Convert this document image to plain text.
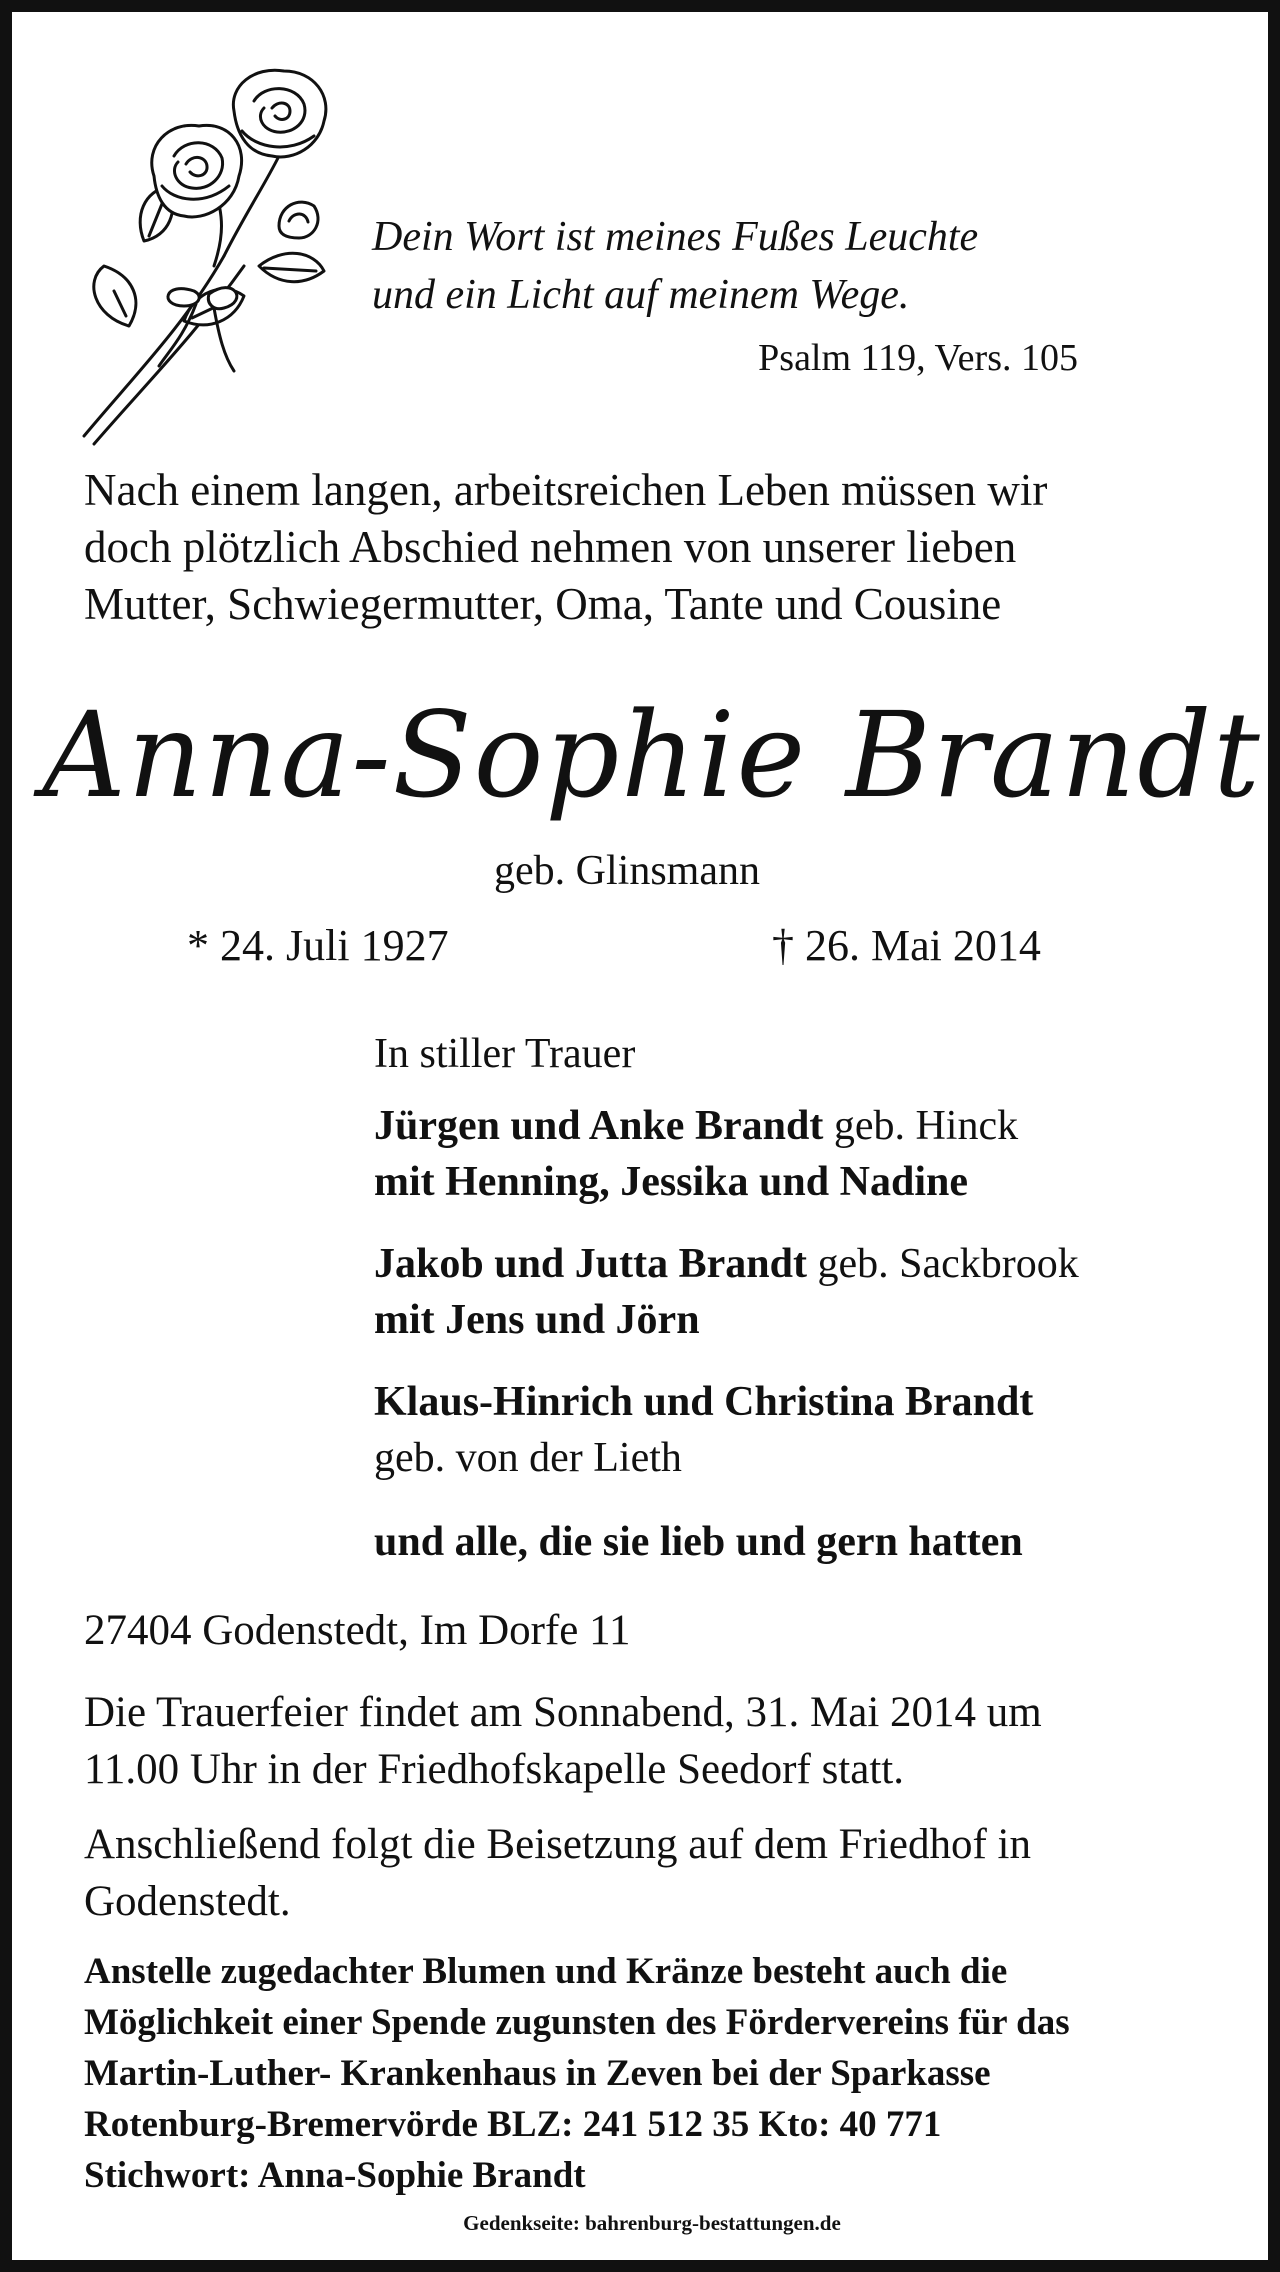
Dein Wort ist meines Fußes Leuchte

und ein Licht auf meinem Wege.

Psalm 119, Vers. 105

Nach einem langen, arbeitsreichen Leben müssen wir

doch plötzlich Abschied nehmen von unserer lieben

Mutter, Schwiegermutter, Oma, Tante und Cousine

Anna-Sophie Brandt

geb. Glinsmann

* 24. Juli 1927	† 26. Mai 2014

In stiller Trauer

Jürgen und Anke Brandt geb. Hinck

mit Henning, Jessika und Nadine

Jakob und Jutta Brandt geb. Sackbrook

mit Jens und Jörn

Klaus-Hinrich und Christina Brandt

geb. von der Lieth

und alle, die sie lieb und gern hatten

27404 Godenstedt, Im Dorfe 11

Die Trauerfeier findet am Sonnabend, 31. Mai 2014 um

11.00 Uhr in der Friedhofskapelle Seedorf statt.

Anschließend folgt die Beisetzung auf dem Friedhof in

Godenstedt.

Anstelle zugedachter Blumen und Kränze besteht auch die

Möglichkeit einer Spende zugunsten des Fördervereins für das

Martin-Luther- Krankenhaus in Zeven bei der Sparkasse

Rotenburg-Bremervörde BLZ: 241 512 35 Kto: 40 771

Stichwort: Anna-Sophie Brandt

Gedenkseite: bahrenburg-bestattungen.de
